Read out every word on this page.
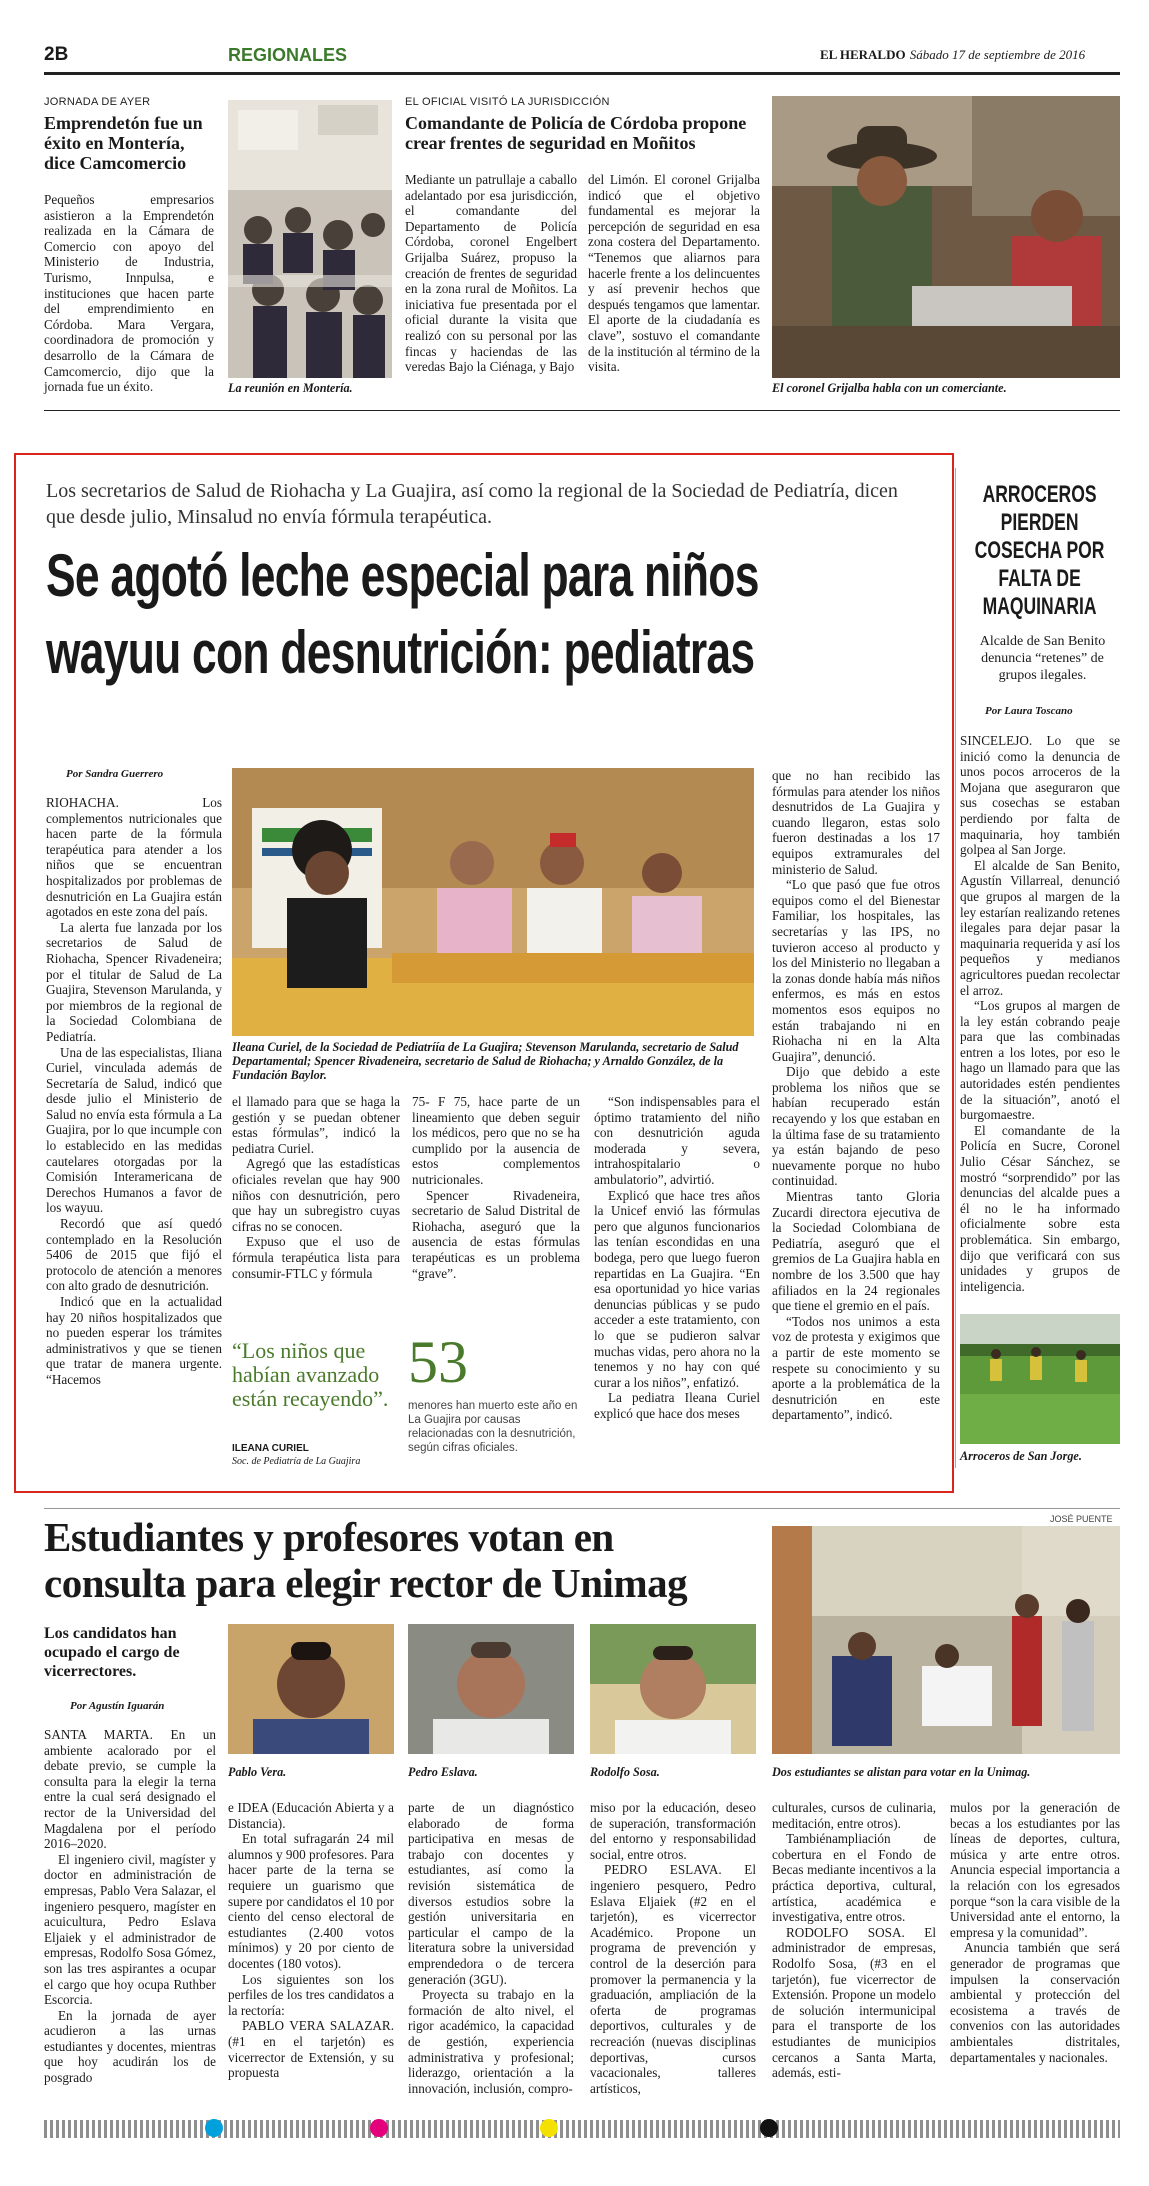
2B	REGIONALES	EL HERALDO Sábado 17 de septiembre de 2016
JORNADA DE AYER
Emprendetón fue un éxito en Montería, dice Camcomercio
Pequeños empresarios asistieron a la Emprendetón realizada en la Cámara de Comercio con apoyo del Ministerio de Industria, Turismo, Innpulsa, e instituciones que hacen parte del emprendimiento en Córdoba. Mara Vergara, coordinadora de promoción y desarrollo de la Cámara de Camcomercio, dijo que la jornada fue un éxito.	La reunión en Montería.
EL OFICIAL VISITÓ LA JURISDICCIÓN
Comandante de Policía de Córdoba propone crear frentes de seguridad en Moñitos
Mediante un patrullaje a caballo adelantado por esa jurisdicción, el comandante del Departamento de Policía Córdoba, coronel Engelbert Grijalba Suárez, propuso la creación de frentes de seguridad en la zona rural de Moñitos. La iniciativa fue presentada por el oficial durante la visita que realizó con su personal por las fincas y haciendas de las veredas Bajo la Ciénaga, y Bajo
del Limón. El coronel Grijalba indicó que el objetivo fundamental es mejorar la percepción de seguridad en esa zona costera del Departamento. “Tenemos que aliarnos para hacerle frente a los delincuentes y así prevenir hechos que después tengamos que lamentar. El aporte de la ciudadanía es clave”, sostuvo el comandante de la institución al término de la visita.
El coronel Grijalba habla con un comerciante.
Los secretarios de Salud de Riohacha y La Guajira, así como la regional de la Sociedad de Pediatría, dicen que desde julio, Minsalud no envía fórmula terapéutica.
Se agotó leche especial para niños
wayuu con desnutrición: pediatras
Por Sandra Guerrero

RIOHACHA. Los complementos nutricionales que hacen parte de la fórmula terapéutica para atender a los niños que se encuentran hospitalizados por problemas de desnutrición en La Guajira están agotados en este zona del país.

La alerta fue lanzada por los secretarios de Salud de Riohacha, Spencer Rivadeneira; por el titular de Salud de La Guajira, Stevenson Marulanda, y por miembros de la regional de la Sociedad Colombiana de Pediatría.

Una de las especialistas, Iliana Curiel, vinculada además de Secretaría de Salud, indicó que desde julio el Ministerio de Salud no envía esta fórmula a La Guajira, por lo que incumple con lo establecido en las medidas cautelares otorgadas por la Comisión Interamericana de Derechos Humanos a favor de los wayuu.

Recordó que así quedó contemplado en la Resolución 5406 de 2015 que fijó el protocolo de atención a menores con alto grado de desnutrición.

Indicó que en la actualidad hay 20 niños hospitalizados que no pueden esperar los trámites administrativos y que se tienen que tratar de manera urgente. “Hacemos

Ileana Curiel, de la Sociedad de Pediatríía de La Guajira; Stevenson Marulanda, secretario de Salud Departamental; Spencer Rivadeneira, secretario de Salud de Riohacha; y Arnaldo González, de la Fundación Baylor.

el llamado para que se haga la gestión y se puedan obtener estas fórmulas”, indicó la pediatra Curiel.

Agregó que las estadísticas oficiales revelan que hay 900 niños con desnutrición, pero que hay un subregistro cuyas cifras no se conocen.

Expuso que el uso de fórmula terapéutica lista para consumir-FTLC y fórmula

75- F 75, hace parte de un lineamiento que deben seguir los médicos, pero que no se ha cumplido por la ausencia de estos complementos nutricionales.

Spencer Rivadeneira, secretario de Salud Distrital de Riohacha, aseguró que la ausencia de estas fórmulas terapéuticas es un problema “grave”.

“Son indispensables para el óptimo tratamiento del niño con desnutrición aguda moderada y severa, intrahospitalario o ambulatorio”, advirtió.

Explicó que hace tres años la Unicef envió las fórmulas pero que algunos funcionarios las tenían escondidas en una bodega, pero que luego fueron repartidas en La Guajira. “En esa oportunidad yo hice varias denuncias públicas y se pudo acceder a este tratamiento, con lo que se pudieron salvar muchas vidas, pero ahora no la tenemos y no hay con qué curar a los niños”, enfatizó.

La pediatra Ileana Curiel explicó que hace dos meses

que no han recibido las fórmulas para atender los niños desnutridos de La Guajira y cuando llegaron, estas solo fueron destinadas a los 17 equipos extramurales del ministerio de Salud.

“Lo que pasó que fue otros equipos como el del Bienestar Familiar, los hospitales, las secretarías y las IPS, no tuvieron acceso al producto y los del Ministerio no llegaban a la zonas donde había más niños enfermos, es más en estos momentos esos equipos no están trabajando ni en Riohacha ni en la Alta Guajira”, denunció.

Dijo que debido a este problema los niños que se habían recuperado están recayendo y los que estaban en la última fase de su tratamiento ya están bajando de peso nuevamente porque no hubo continuidad.

Mientras tanto Gloria Zucardi directora ejecutiva de la Sociedad Colombiana de Pediatría, aseguró que el gremios de La Guajira habla en nombre de los 3.500 que hay afiliados en la 24 regionales que tiene el gremio en el país.

“Todos nos unimos a esta voz de protesta y exigimos que a partir de este momento se respete su conocimiento y su aporte a la problemática de la desnutrición en este departamento”, indicó.

“Los niños que habían avanzado están recayendo”.
ILEANA CURIEL
Soc. de Pediatría de La Guajira
53
menores han muerto este año en La Guajira por causas relacionadas con la desnutrición, según cifras oficiales.
ARROCEROS PIERDEN COSECHA POR FALTA DE MAQUINARIA
Alcalde de San Benito denuncia “retenes” de grupos ilegales.
Por Laura Toscano

SINCELEJO. Lo que se inició como la denuncia de unos pocos arroceros de la Mojana que aseguraron que sus cosechas se estaban perdiendo por falta de maquinaria, hoy también golpea al San Jorge.

El alcalde de San Benito, Agustín Villarreal, denunció que grupos al margen de la ley estarían realizando retenes ilegales para dejar pasar la maquinaria requerida y así los pequeños y medianos agricultores puedan recolectar el arroz.

“Los grupos al margen de la ley están cobrando peaje para que las combinadas entren a los lotes, por eso le hago un llamado para que las autoridades estén pendientes de la situación”, anotó el burgomaestre.

El comandante de la Policía en Sucre, Coronel Julio César Sánchez, se mostró “sorprendido” por las denuncias del alcalde pues a él no le ha informado oficialmente sobre esta problemática. Sin embargo, dijo que verificará con sus unidades y grupos de inteligencia.

Arroceros de San Jorge.
JOSÉ PUENTE
Estudiantes y profesores votan en
consulta para elegir rector de Unimag
Los candidatos han ocupado el cargo de vicerrectores.
Por Agustín Iguarán
Pablo Vera.	Pedro Eslava.	Rodolfo Sosa.	Dos estudiantes se alistan para votar en la Unimag.

SANTA MARTA. En un ambiente acalorado por el debate previo, se cumple la consulta para la elegir la terna entre la cual será designado el rector de la Universidad del Magdalena por el período 2016–2020.

El ingeniero civil, magíster y doctor en administración de empresas, Pablo Vera Salazar, el ingeniero pesquero, magíster en acuicultura, Pedro Eslava Eljaiek y el administrador de empresas, Rodolfo Sosa Gómez, son las tres aspirantes a ocupar el cargo que hoy ocupa Ruthber Escorcia.

En la jornada de ayer acudieron a las urnas estudiantes y docentes, mientras que hoy acudirán los de posgrado

e IDEA (Educación Abierta y a Distancia).

En total sufragarán 24 mil alumnos y 900 profesores. Para hacer parte de la terna se requiere un guarismo que supere por candidatos el 10 por ciento del censo electoral de estudiantes (2.400 votos mínimos) y 20 por ciento de docentes (180 votos).

Los siguientes son los perfiles de los tres candidatos a la rectoría:

PABLO VERA SALAZAR. (#1 en el tarjetón) es vicerrector de Extensión, y su propuesta

parte de un diagnóstico elaborado de forma participativa en mesas de trabajo con docentes y estudiantes, así como la revisión sistemática de diversos estudios sobre la gestión universitaria en particular el campo de la literatura sobre la universidad emprendedora o de tercera generación (3GU).

Proyecta su trabajo en la formación de alto nivel, el rigor académico, la capacidad de gestión, experiencia administrativa y profesional; liderazgo, orientación a la innovación, inclusión, compro-

miso por la educación, deseo de superación, transformación del entorno y responsabilidad social, entre otros.

PEDRO ESLAVA. El ingeniero pesquero, Pedro Eslava Eljaiek (#2 en el tarjetón), es vicerrector Académico. Propone un programa de prevención y control de la deserción para promover la permanencia y la graduación, ampliación de la oferta de programas deportivos, culturales y de recreación (nuevas disciplinas deportivas, cursos vacacionales, talleres artísticos,

culturales, cursos de culinaria, meditación, entre otros).

Tambiénampliación de cobertura en el Fondo de Becas mediante incentivos a la práctica deportiva, cultural, artística, académica e investigativa, entre otros.

RODOLFO SOSA. El administrador de empresas, Rodolfo Sosa, (#3 en el tarjetón), fue vicerrector de Extensión. Propone un modelo de solución intermunicipal para el transporte de los estudiantes de municipios cercanos a Santa Marta, además, esti-

mulos por la generación de becas a los estudiantes por las líneas de deportes, cultura, música y arte entre otros. Anuncia especial importancia a la relación con los egresados porque “son la cara visible de la Universidad ante el entorno, la empresa y la comunidad”.

Anuncia también que será generador de programas que impulsen la conservación ambiental y protección del ecosistema a través de convenios con las autoridades ambientales distritales, departamentales y nacionales.
